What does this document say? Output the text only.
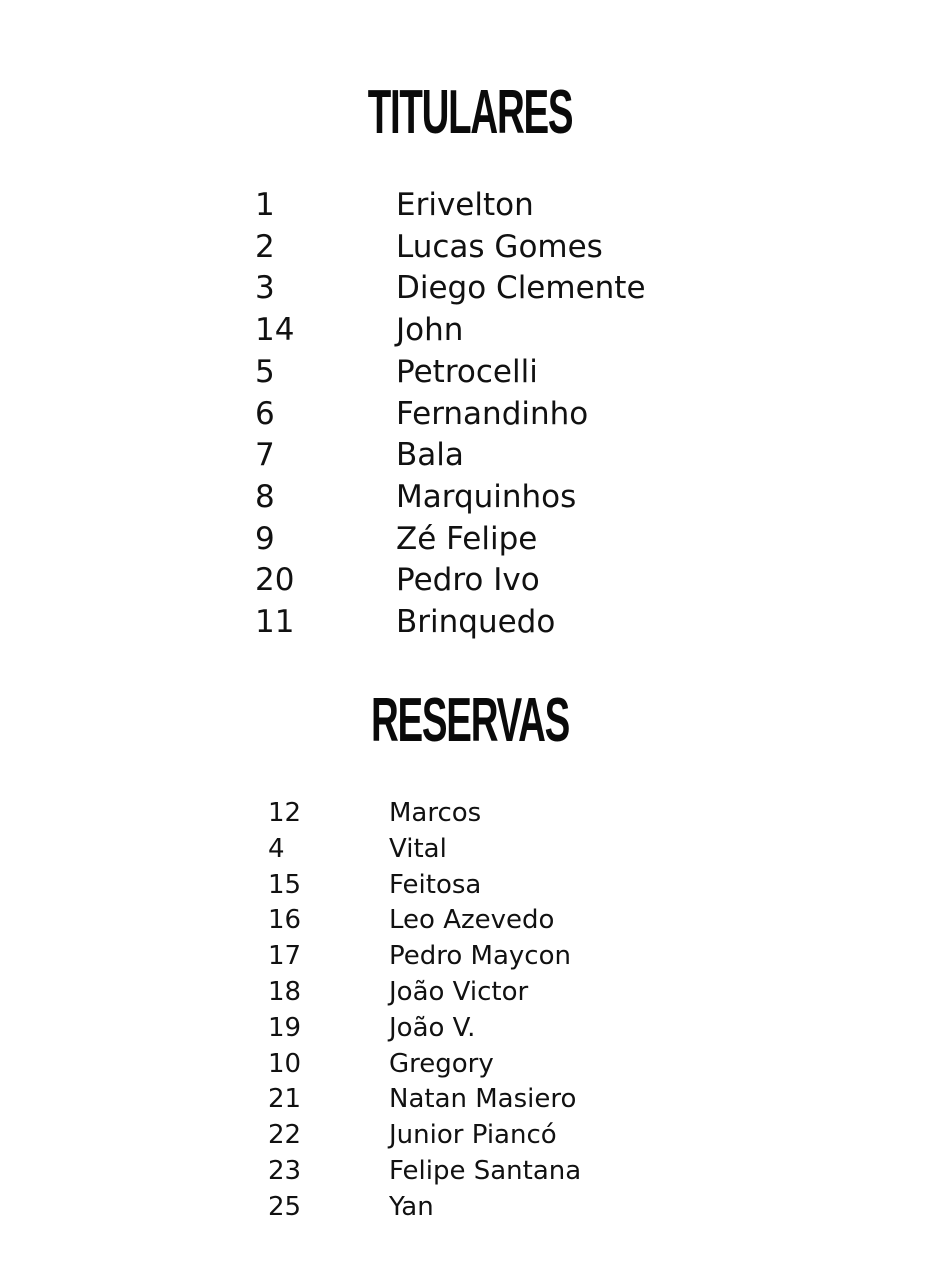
TITULARES
1	Erivelton
2	Lucas Gomes
3	Diego Clemente
14	John
5	Petrocelli
6	Fernandinho
7	Bala
8	Marquinhos
9	Zé Felipe
20	Pedro Ivo
11	Brinquedo
RESERVAS
12	Marcos
4	Vital
15	Feitosa
16	Leo Azevedo
17	Pedro Maycon
18	João Victor
19	João V.
10	Gregory
21	Natan Masiero
22	Junior Piancó
23	Felipe Santana
25	Yan
